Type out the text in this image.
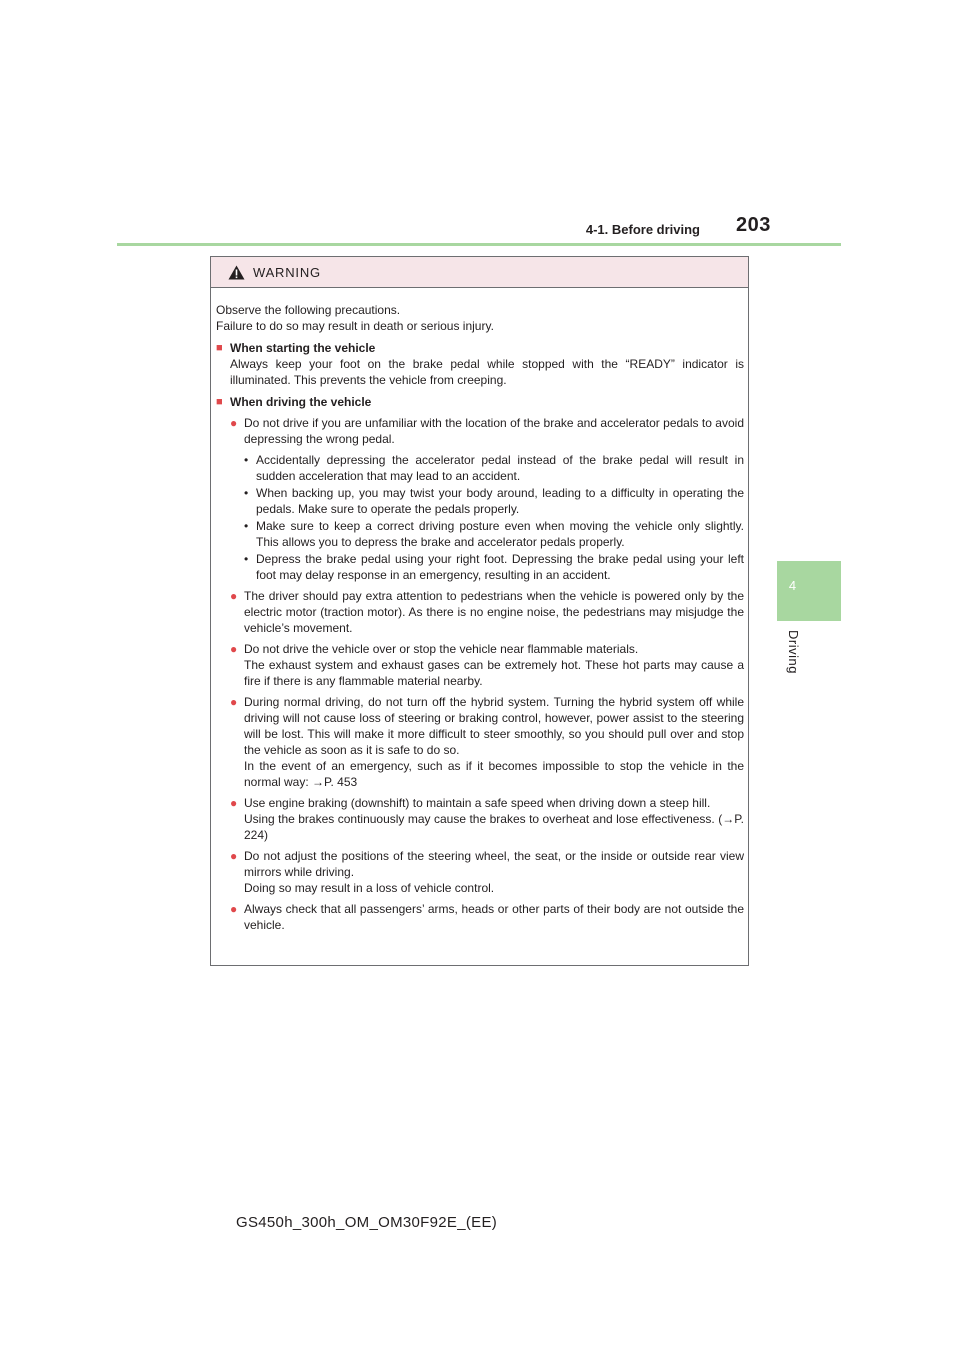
4-1. Before driving 203
4
Driving
WARNING

Observe the following precautions.

Failure to do so may result in death or serious injury.

■ When starting the vehicle

Always keep your foot on the brake pedal while stopped with the “READY” indicator is illuminated. This prevents the vehicle from creeping.

■ When driving the vehicle
● Do not drive if you are unfamiliar with the location of the brake and accelerator pedals to avoid depressing the wrong pedal.

• Accidentally depressing the accelerator pedal instead of the brake pedal will result in sudden acceleration that may lead to an accident.
• When backing up, you may twist your body around, leading to a difficulty in operating the pedals. Make sure to operate the pedals properly.
• Make sure to keep a correct driving posture even when moving the vehicle only slightly. This allows you to depress the brake and accelerator pedals properly.
• Depress the brake pedal using your right foot. Depressing the brake pedal using your left foot may delay response in an emergency, resulting in an accident.
● The driver should pay extra attention to pedestrians when the vehicle is powered only by the electric motor (traction motor). As there is no engine noise, the pedestrians may misjudge the vehicle’s movement.

● Do not drive the vehicle over or stop the vehicle near flammable materials.

The exhaust system and exhaust gases can be extremely hot. These hot parts may cause a fire if there is any flammable material nearby.

● During normal driving, do not turn off the hybrid system. Turning the hybrid system off while driving will not cause loss of steering or braking control, however, power assist to the steering will be lost. This will make it more difficult to steer smoothly, so you should pull over and stop the vehicle as soon as it is safe to do so.

In the event of an emergency, such as if it becomes impossible to stop the vehicle in the normal way: →P. 453

● Use engine braking (downshift) to maintain a safe speed when driving down a steep hill.

Using the brakes continuously may cause the brakes to overheat and lose effectiveness. (→P. 224)

● Do not adjust the positions of the steering wheel, the seat, or the inside or outside rear view mirrors while driving.

Doing so may result in a loss of vehicle control.

● Always check that all passengers’ arms, heads or other parts of their body are not outside the vehicle.

GS450h_300h_OM_OM30F92E_(EE)
